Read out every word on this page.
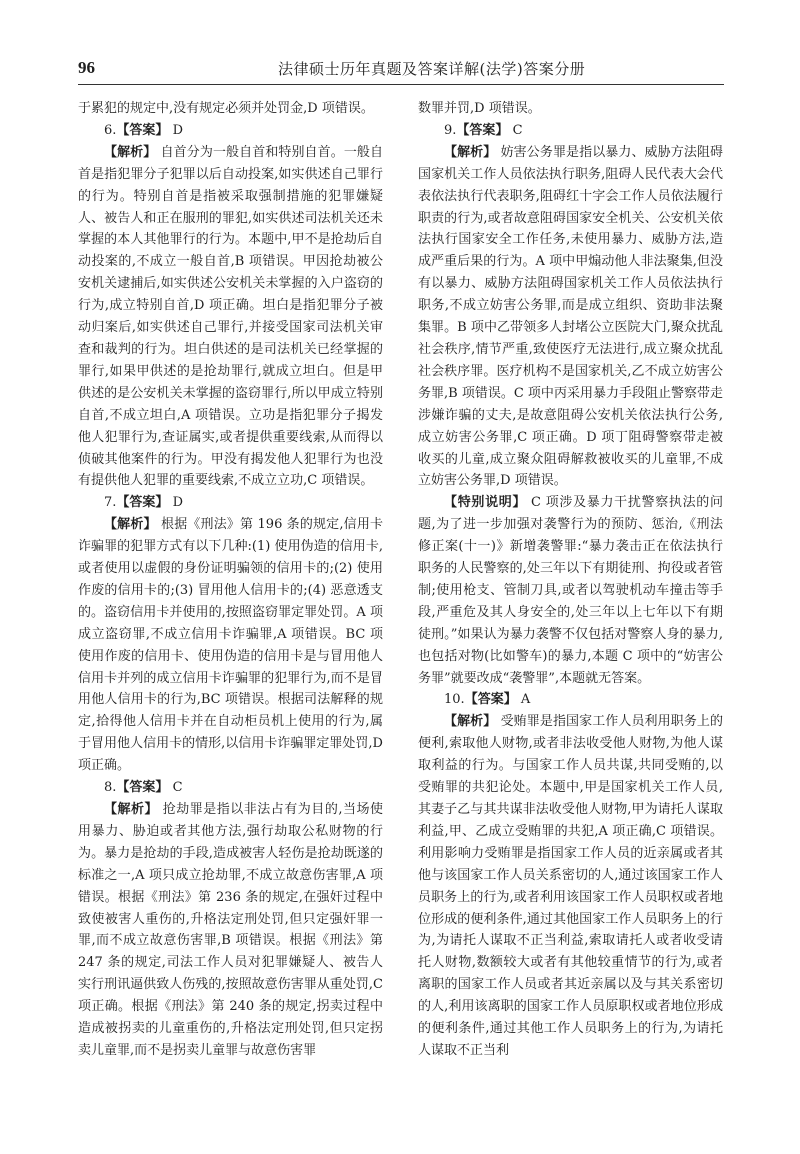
96	法律硕士历年真题及答案详解(法学)答案分册

于累犯的规定中,没有规定必须并处罚金,D 项错误。

6.【答案】 D

【解析】 自首分为一般自首和特别自首。一般自首是指犯罪分子犯罪以后自动投案,如实供述自己罪行的行为。特别自首是指被采取强制措施的犯罪嫌疑人、被告人和正在服刑的罪犯,如实供述司法机关还未掌握的本人其他罪行的行为。本题中,甲不是抢劫后自动投案的,不成立一般自首,B 项错误。甲因抢劫被公安机关逮捕后,如实供述公安机关未掌握的入户盗窃的行为,成立特别自首,D 项正确。坦白是指犯罪分子被动归案后,如实供述自己罪行,并接受国家司法机关审查和裁判的行为。坦白供述的是司法机关已经掌握的罪行,如果甲供述的是抢劫罪行,就成立坦白。但是甲供述的是公安机关未掌握的盗窃罪行,所以甲成立特别自首,不成立坦白,A 项错误。立功是指犯罪分子揭发他人犯罪行为,查证属实,或者提供重要线索,从而得以侦破其他案件的行为。甲没有揭发他人犯罪行为也没有提供他人犯罪的重要线索,不成立立功,C 项错误。

7.【答案】 D

【解析】 根据《刑法》第 196 条的规定,信用卡诈骗罪的犯罪方式有以下几种:(1) 使用伪造的信用卡,或者使用以虚假的身份证明骗领的信用卡的;(2) 使用作废的信用卡的;(3) 冒用他人信用卡的;(4) 恶意透支的。盗窃信用卡并使用的,按照盗窃罪定罪处罚。A 项成立盗窃罪,不成立信用卡诈骗罪,A 项错误。BC 项使用作废的信用卡、使用伪造的信用卡是与冒用他人信用卡并列的成立信用卡诈骗罪的犯罪行为,而不是冒用他人信用卡的行为,BC 项错误。根据司法解释的规定,拾得他人信用卡并在自动柜员机上使用的行为,属于冒用他人信用卡的情形,以信用卡诈骗罪定罪处罚,D 项正确。

8.【答案】 C

【解析】 抢劫罪是指以非法占有为目的,当场使用暴力、胁迫或者其他方法,强行劫取公私财物的行为。暴力是抢劫的手段,造成被害人轻伤是抢劫既遂的标准之一,A 项只成立抢劫罪,不成立故意伤害罪,A 项错误。根据《刑法》第 236 条的规定,在强奸过程中致使被害人重伤的,升格法定刑处罚,但只定强奸罪一罪,而不成立故意伤害罪,B 项错误。根据《刑法》第 247 条的规定,司法工作人员对犯罪嫌疑人、被告人实行刑讯逼供致人伤残的,按照故意伤害罪从重处罚,C 项正确。根据《刑法》第 240 条的规定,拐卖过程中造成被拐卖的儿童重伤的,升格法定刑处罚,但只定拐卖儿童罪,而不是拐卖儿童罪与故意伤害罪

数罪并罚,D 项错误。

9.【答案】 C

【解析】 妨害公务罪是指以暴力、威胁方法阻碍国家机关工作人员依法执行职务,阻碍人民代表大会代表依法执行代表职务,阻碍红十字会工作人员依法履行职责的行为,或者故意阻碍国家安全机关、公安机关依法执行国家安全工作任务,未使用暴力、威胁方法,造成严重后果的行为。A 项中甲煽动他人非法聚集,但没有以暴力、威胁方法阻碍国家机关工作人员依法执行职务,不成立妨害公务罪,而是成立组织、资助非法聚集罪。B 项中乙带领多人封堵公立医院大门,聚众扰乱社会秩序,情节严重,致使医疗无法进行,成立聚众扰乱社会秩序罪。医疗机构不是国家机关,乙不成立妨害公务罪,B 项错误。C 项中丙采用暴力手段阻止警察带走涉嫌诈骗的丈夫,是故意阻碍公安机关依法执行公务,成立妨害公务罪,C 项正确。D 项丁阻碍警察带走被收买的儿童,成立聚众阻碍解救被收买的儿童罪,不成立妨害公务罪,D 项错误。

【特别说明】 C 项涉及暴力干扰警察执法的问题,为了进一步加强对袭警行为的预防、惩治,《刑法修正案(十一)》新增袭警罪:“暴力袭击正在依法执行职务的人民警察的,处三年以下有期徒刑、拘役或者管制;使用枪支、管制刀具,或者以驾驶机动车撞击等手段,严重危及其人身安全的,处三年以上七年以下有期徒刑。”如果认为暴力袭警不仅包括对警察人身的暴力,也包括对物(比如警车)的暴力,本题 C 项中的“妨害公务罪”就要改成“袭警罪”,本题就无答案。

10.【答案】 A

【解析】 受贿罪是指国家工作人员利用职务上的便利,索取他人财物,或者非法收受他人财物,为他人谋取利益的行为。与国家工作人员共谋,共同受贿的,以受贿罪的共犯论处。本题中,甲是国家机关工作人员,其妻子乙与其共谋非法收受他人财物,甲为请托人谋取利益,甲、乙成立受贿罪的共犯,A 项正确,C 项错误。利用影响力受贿罪是指国家工作人员的近亲属或者其他与该国家工作人员关系密切的人,通过该国家工作人员职务上的行为,或者利用该国家工作人员职权或者地位形成的便利条件,通过其他国家工作人员职务上的行为,为请托人谋取不正当利益,索取请托人或者收受请托人财物,数额较大或者有其他较重情节的行为,或者离职的国家工作人员或者其近亲属以及与其关系密切的人,利用该离职的国家工作人员原职权或者地位形成的便利条件,通过其他工作人员职务上的行为,为请托人谋取不正当利
